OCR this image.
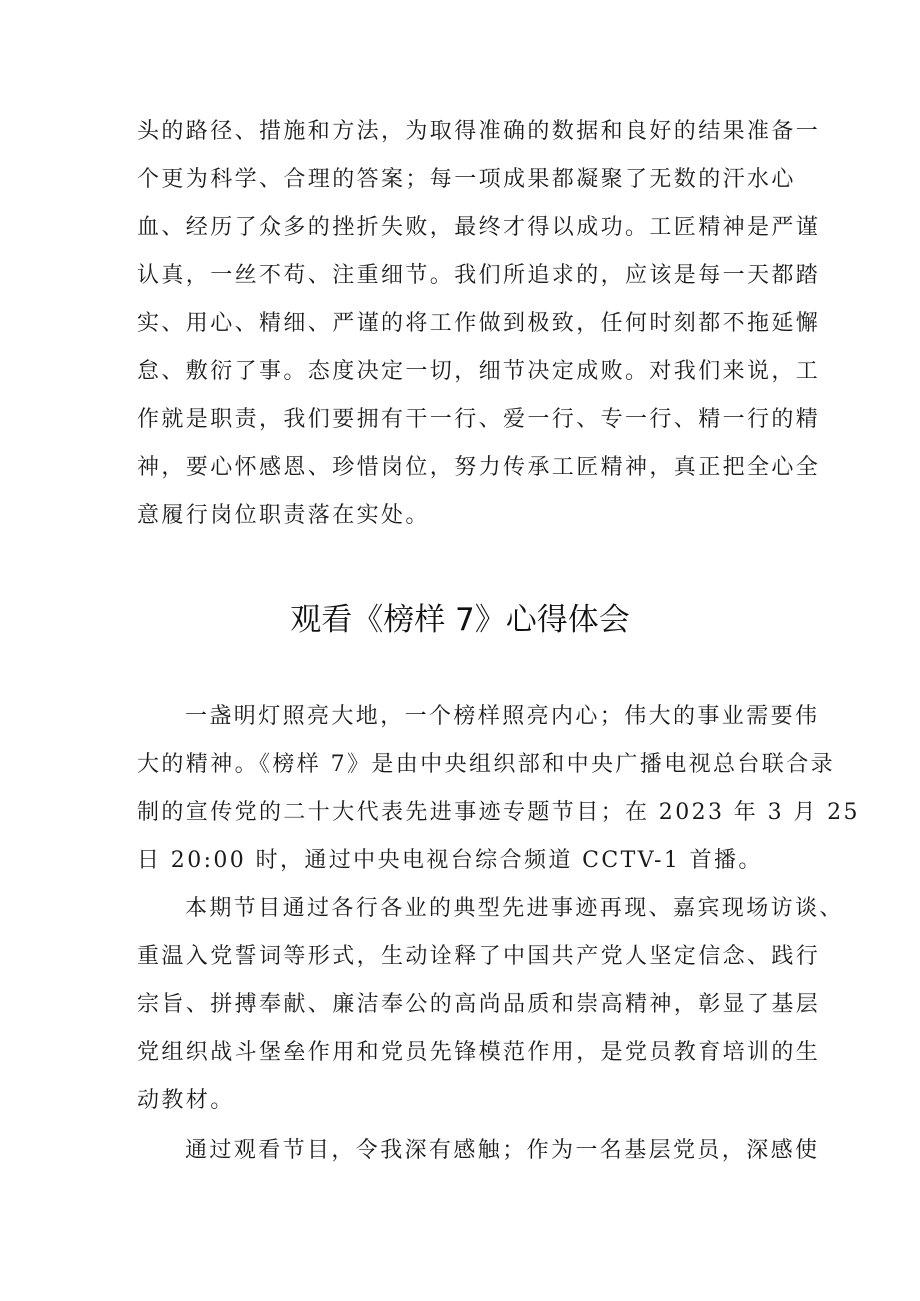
头的路径、措施和方法，为取得准确的数据和良好的结果准备一
个更为科学、合理的答案；每一项成果都凝聚了无数的汗水心
血、经历了众多的挫折失败，最终才得以成功。工匠精神是严谨
认真，一丝不苟、注重细节。我们所追求的，应该是每一天都踏
实、用心、精细、严谨的将工作做到极致，任何时刻都不拖延懈
怠、敷衍了事。态度决定一切，细节决定成败。对我们来说，工
作就是职责，我们要拥有干一行、爱一行、专一行、精一行的精
神，要心怀感恩、珍惜岗位，努力传承工匠精神，真正把全心全
意履行岗位职责落在实处。
观看《榜样 7》心得体会
一盏明灯照亮大地，一个榜样照亮内心；伟大的事业需要伟
大的精神。《榜样 7》是由中央组织部和中央广播电视总台联合录
制的宣传党的二十大代表先进事迹专题节目；在 2023 年 3 月 25
日 20:00 时，通过中央电视台综合频道 CCTV-1 首播。
本期节目通过各行各业的典型先进事迹再现、嘉宾现场访谈、
重温入党誓词等形式，生动诠释了中国共产党人坚定信念、践行
宗旨、拼搏奉献、廉洁奉公的高尚品质和崇高精神，彰显了基层
党组织战斗堡垒作用和党员先锋模范作用，是党员教育培训的生
动教材。
通过观看节目，令我深有感触；作为一名基层党员，深感使
